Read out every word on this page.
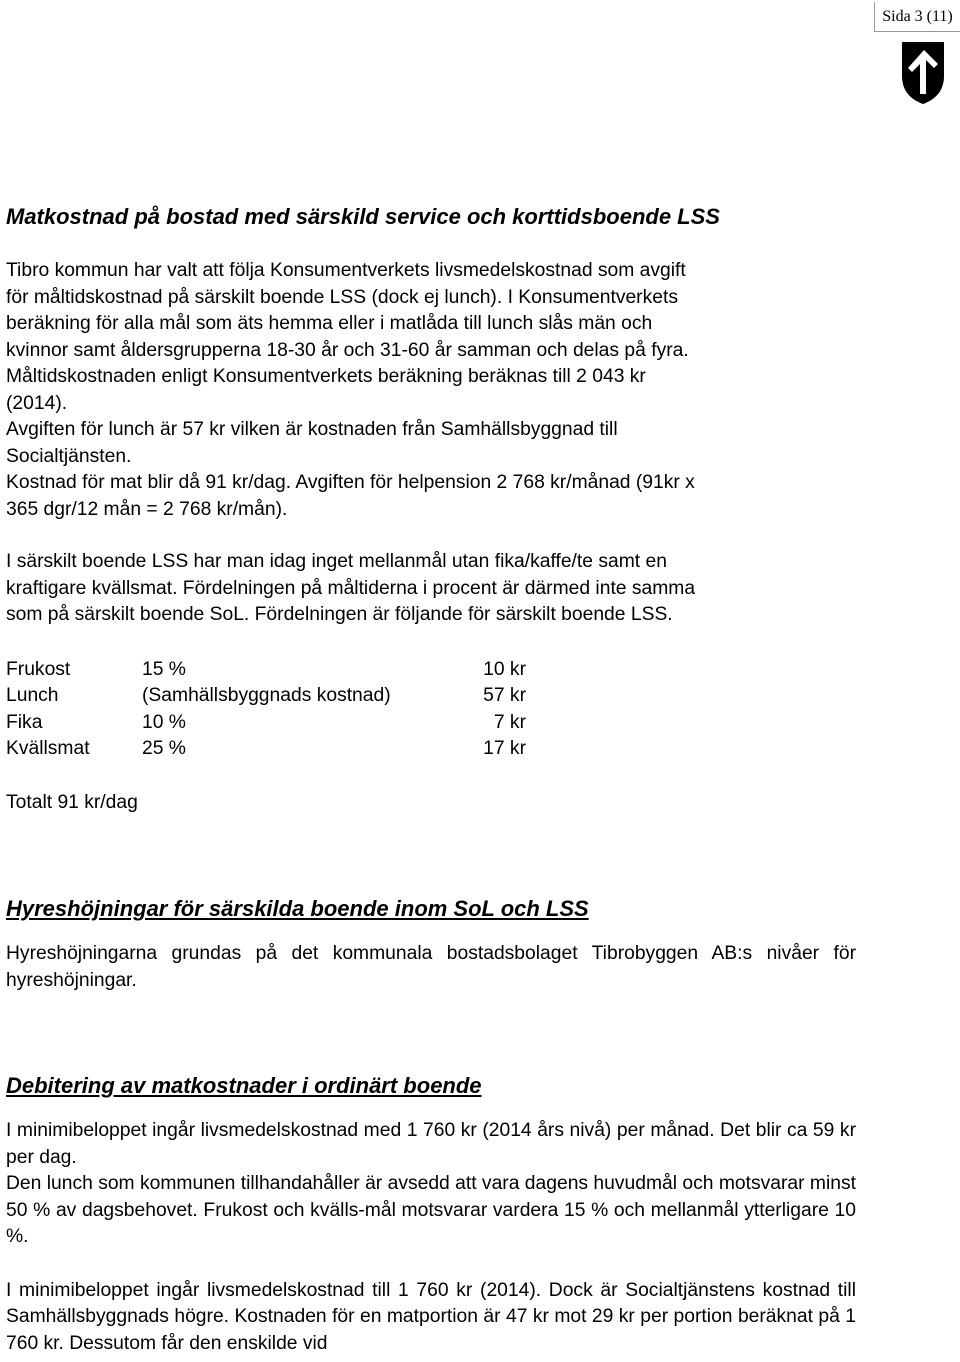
Sida 3 (11)
Matkostnad på bostad med särskild service och korttidsboende LSS

Tibro kommun har valt att följa Konsumentverkets livsmedelskostnad som avgift

för måltidskostnad på särskilt boende LSS (dock ej lunch). I Konsumentverkets

beräkning för alla mål som äts hemma eller i matlåda till lunch slås män och

kvinnor samt åldersgrupperna 18-30 år och 31-60 år samman och delas på fyra.

Måltidskostnaden enligt Konsumentverkets beräkning beräknas till 2 043 kr

(2014).

Avgiften för lunch är 57 kr vilken är kostnaden från Samhällsbyggnad till

Socialtjänsten.

Kostnad för mat blir då 91 kr/dag. Avgiften för helpension 2 768 kr/månad (91kr x

365 dgr/12 mån = 2 768 kr/mån).

I särskilt boende LSS har man idag inget mellanmål utan fika/kaffe/te samt en

kraftigare kvällsmat. Fördelningen på måltiderna i procent är därmed inte samma

som på särskilt boende SoL. Fördelningen är följande för särskilt boende LSS.

Frukost	15 %	10 kr
Lunch	(Samhällsbyggnads kostnad)	57 kr
Fika	10 %	7 kr
Kvällsmat	25 %	17 kr

Totalt 91 kr/dag

Hyreshöjningar för särskilda boende inom SoL och LSS

Hyreshöjningarna grundas på det kommunala bostadsbolaget Tibrobyggen AB:s nivåer för hyreshöjningar.

Debitering av matkostnader i ordinärt boende

I minimibeloppet ingår livsmedelskostnad med 1 760 kr (2014 års nivå) per månad. Det blir ca 59 kr per dag.

Den lunch som kommunen tillhandahåller är avsedd att vara dagens huvudmål och motsvarar minst 50 % av dagsbehovet. Frukost och kvälls-mål motsvarar vardera 15 % och mellanmål ytterligare 10 %.

I minimibeloppet ingår livsmedelskostnad till 1 760 kr (2014). Dock är Socialtjänstens kostnad till Samhällsbyggnads högre. Kostnaden för en matportion är 47 kr mot 29 kr per portion beräknat på 1 760 kr. Dessutom får den enskilde vid
